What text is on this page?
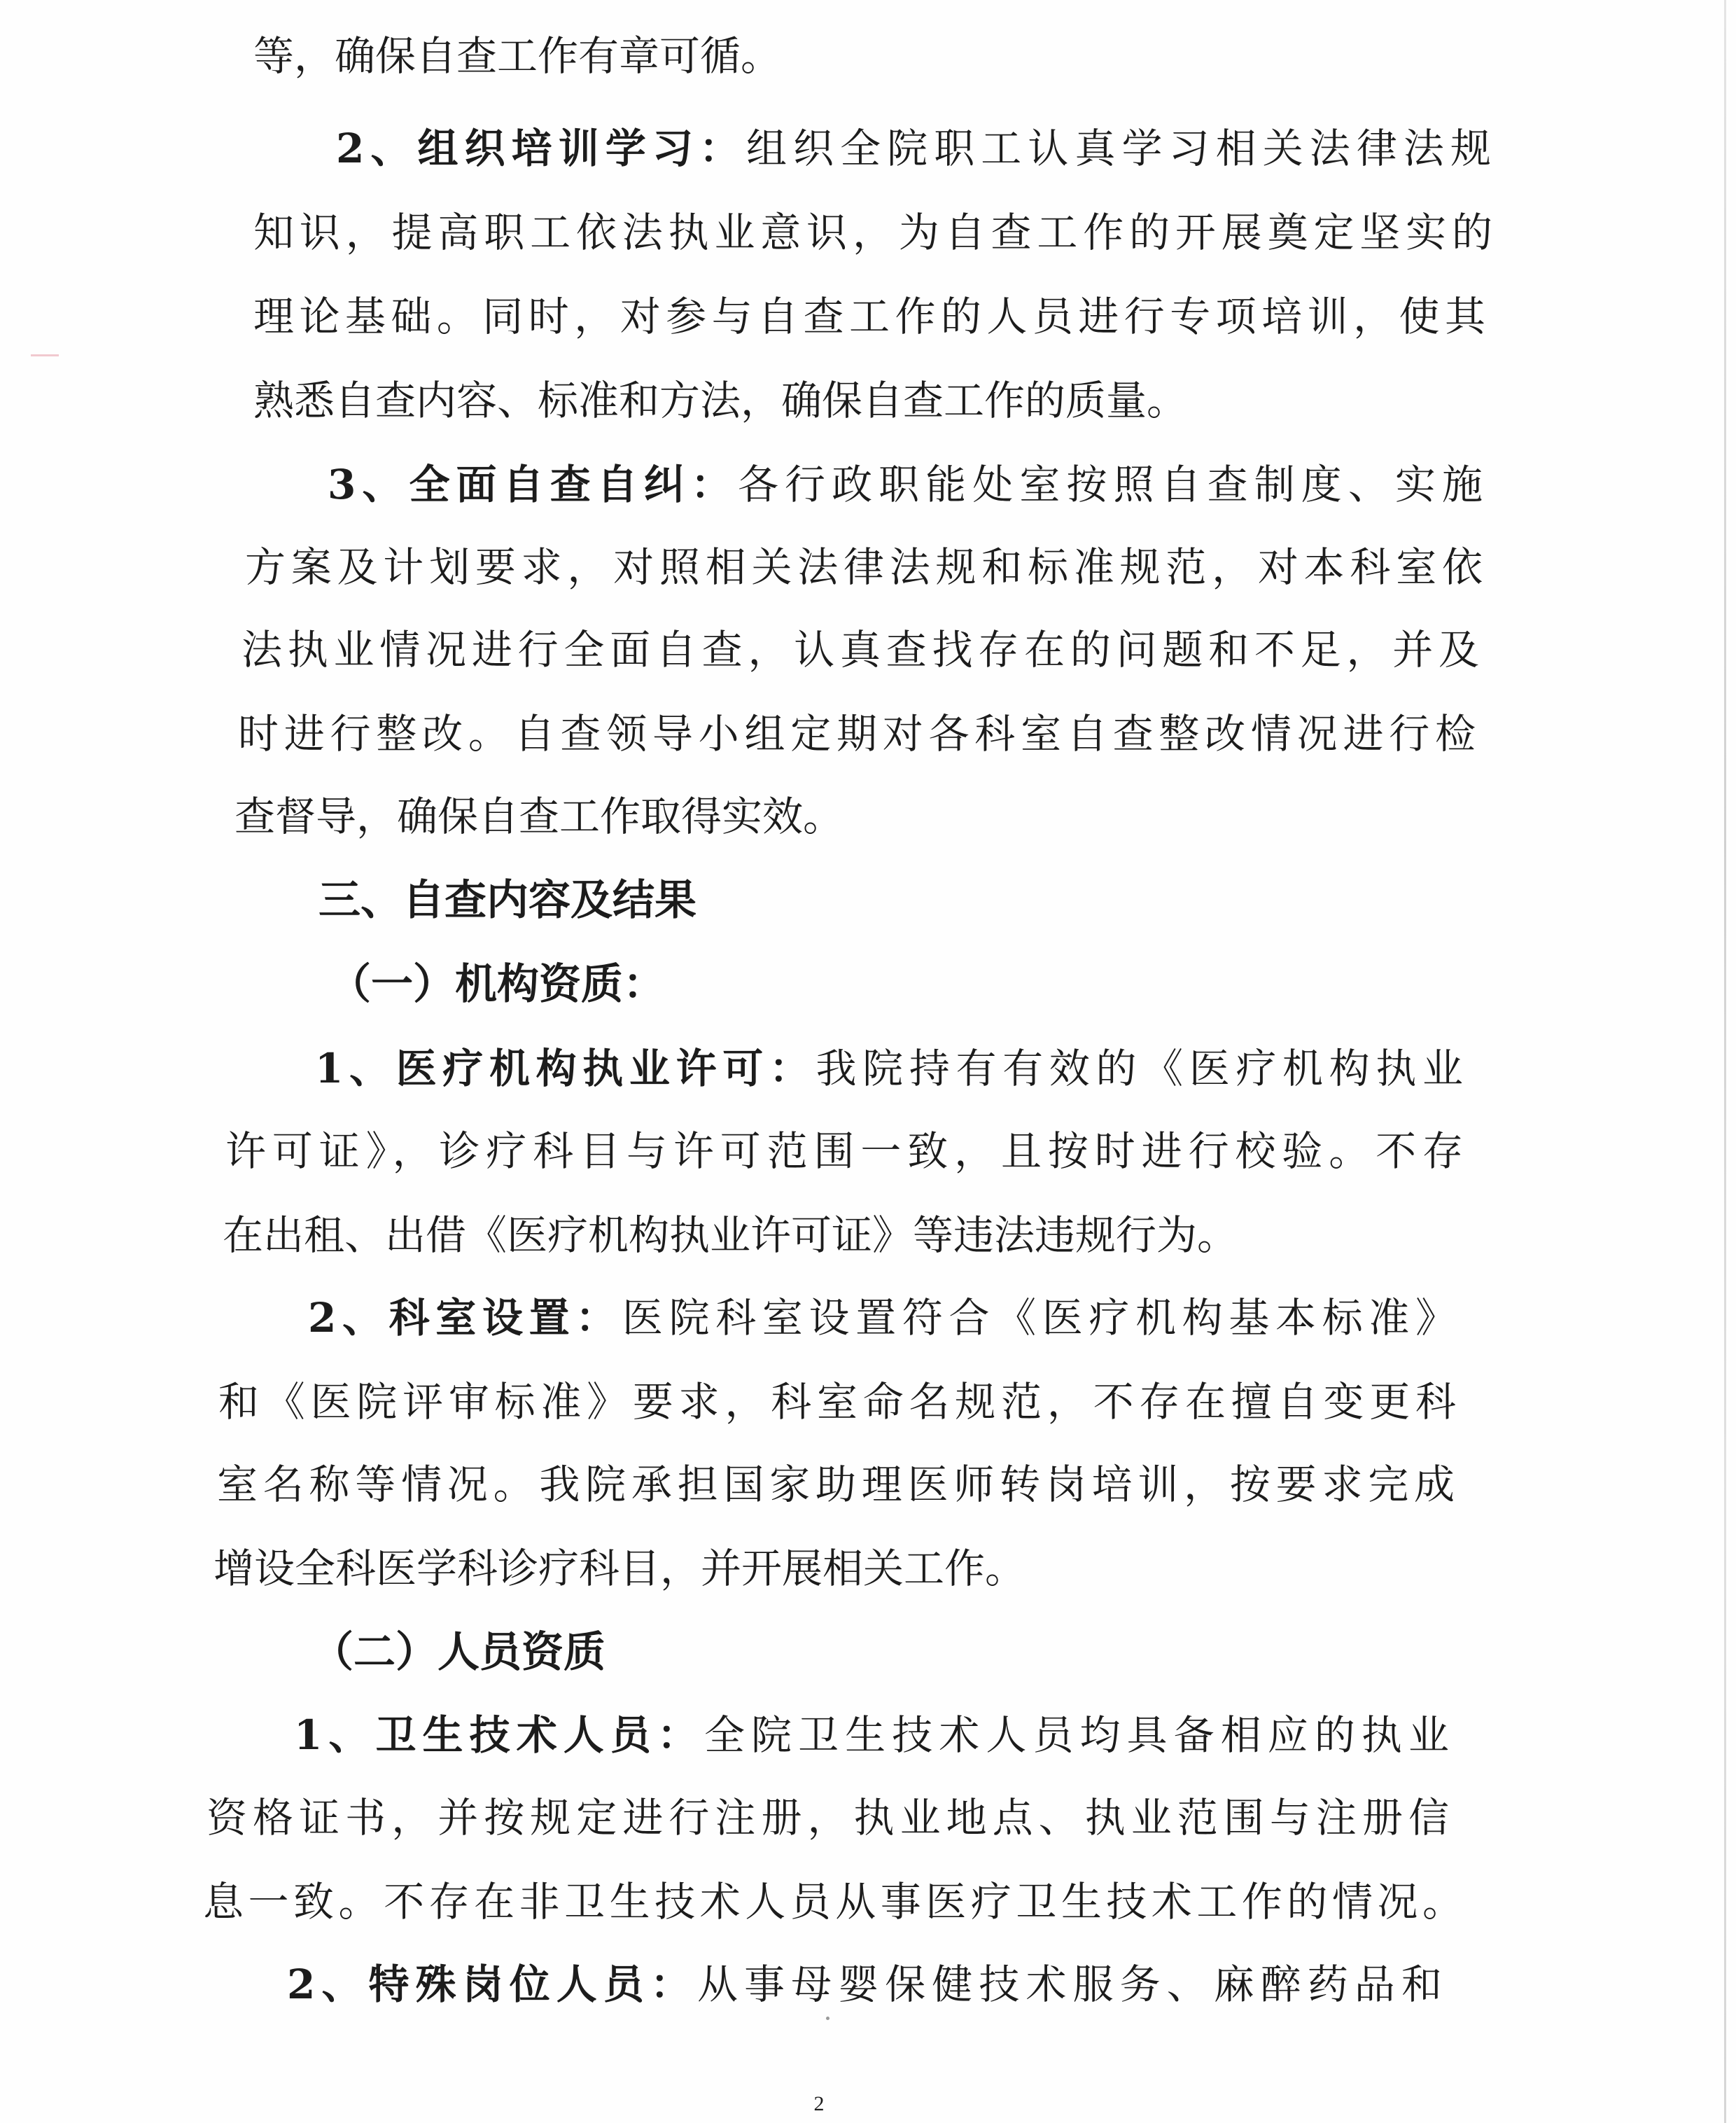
等，确保自查工作有章可循。

2、组织培训学习：组织全院职工认真学习相关法律法规

知识，提高职工依法执业意识，为自查工作的开展奠定坚实的

理论基础。同时，对参与自查工作的人员进行专项培训，使其

熟悉自查内容、标准和方法，确保自查工作的质量。

3、全面自查自纠：各行政职能处室按照自查制度、实施

方案及计划要求，对照相关法律法规和标准规范，对本科室依

法执业情况进行全面自查，认真查找存在的问题和不足，并及

时进行整改。自查领导小组定期对各科室自查整改情况进行检

查督导，确保自查工作取得实效。

三、自查内容及结果
（一）机构资质：

1、医疗机构执业许可：我院持有有效的《医疗机构执业

许可证》，诊疗科目与许可范围一致，且按时进行校验。不存

在出租、出借《医疗机构执业许可证》等违法违规行为。

2、科室设置：医院科室设置符合《医疗机构基本标准》

和《医院评审标准》要求，科室命名规范，不存在擅自变更科

室名称等情况。我院承担国家助理医师转岗培训，按要求完成

增设全科医学科诊疗科目，并开展相关工作。

（二）人员资质

1、卫生技术人员：全院卫生技术人员均具备相应的执业

资格证书，并按规定进行注册，执业地点、执业范围与注册信

息一致。不存在非卫生技术人员从事医疗卫生技术工作的情况。

2、特殊岗位人员：从事母婴保健技术服务、麻醉药品和

2
